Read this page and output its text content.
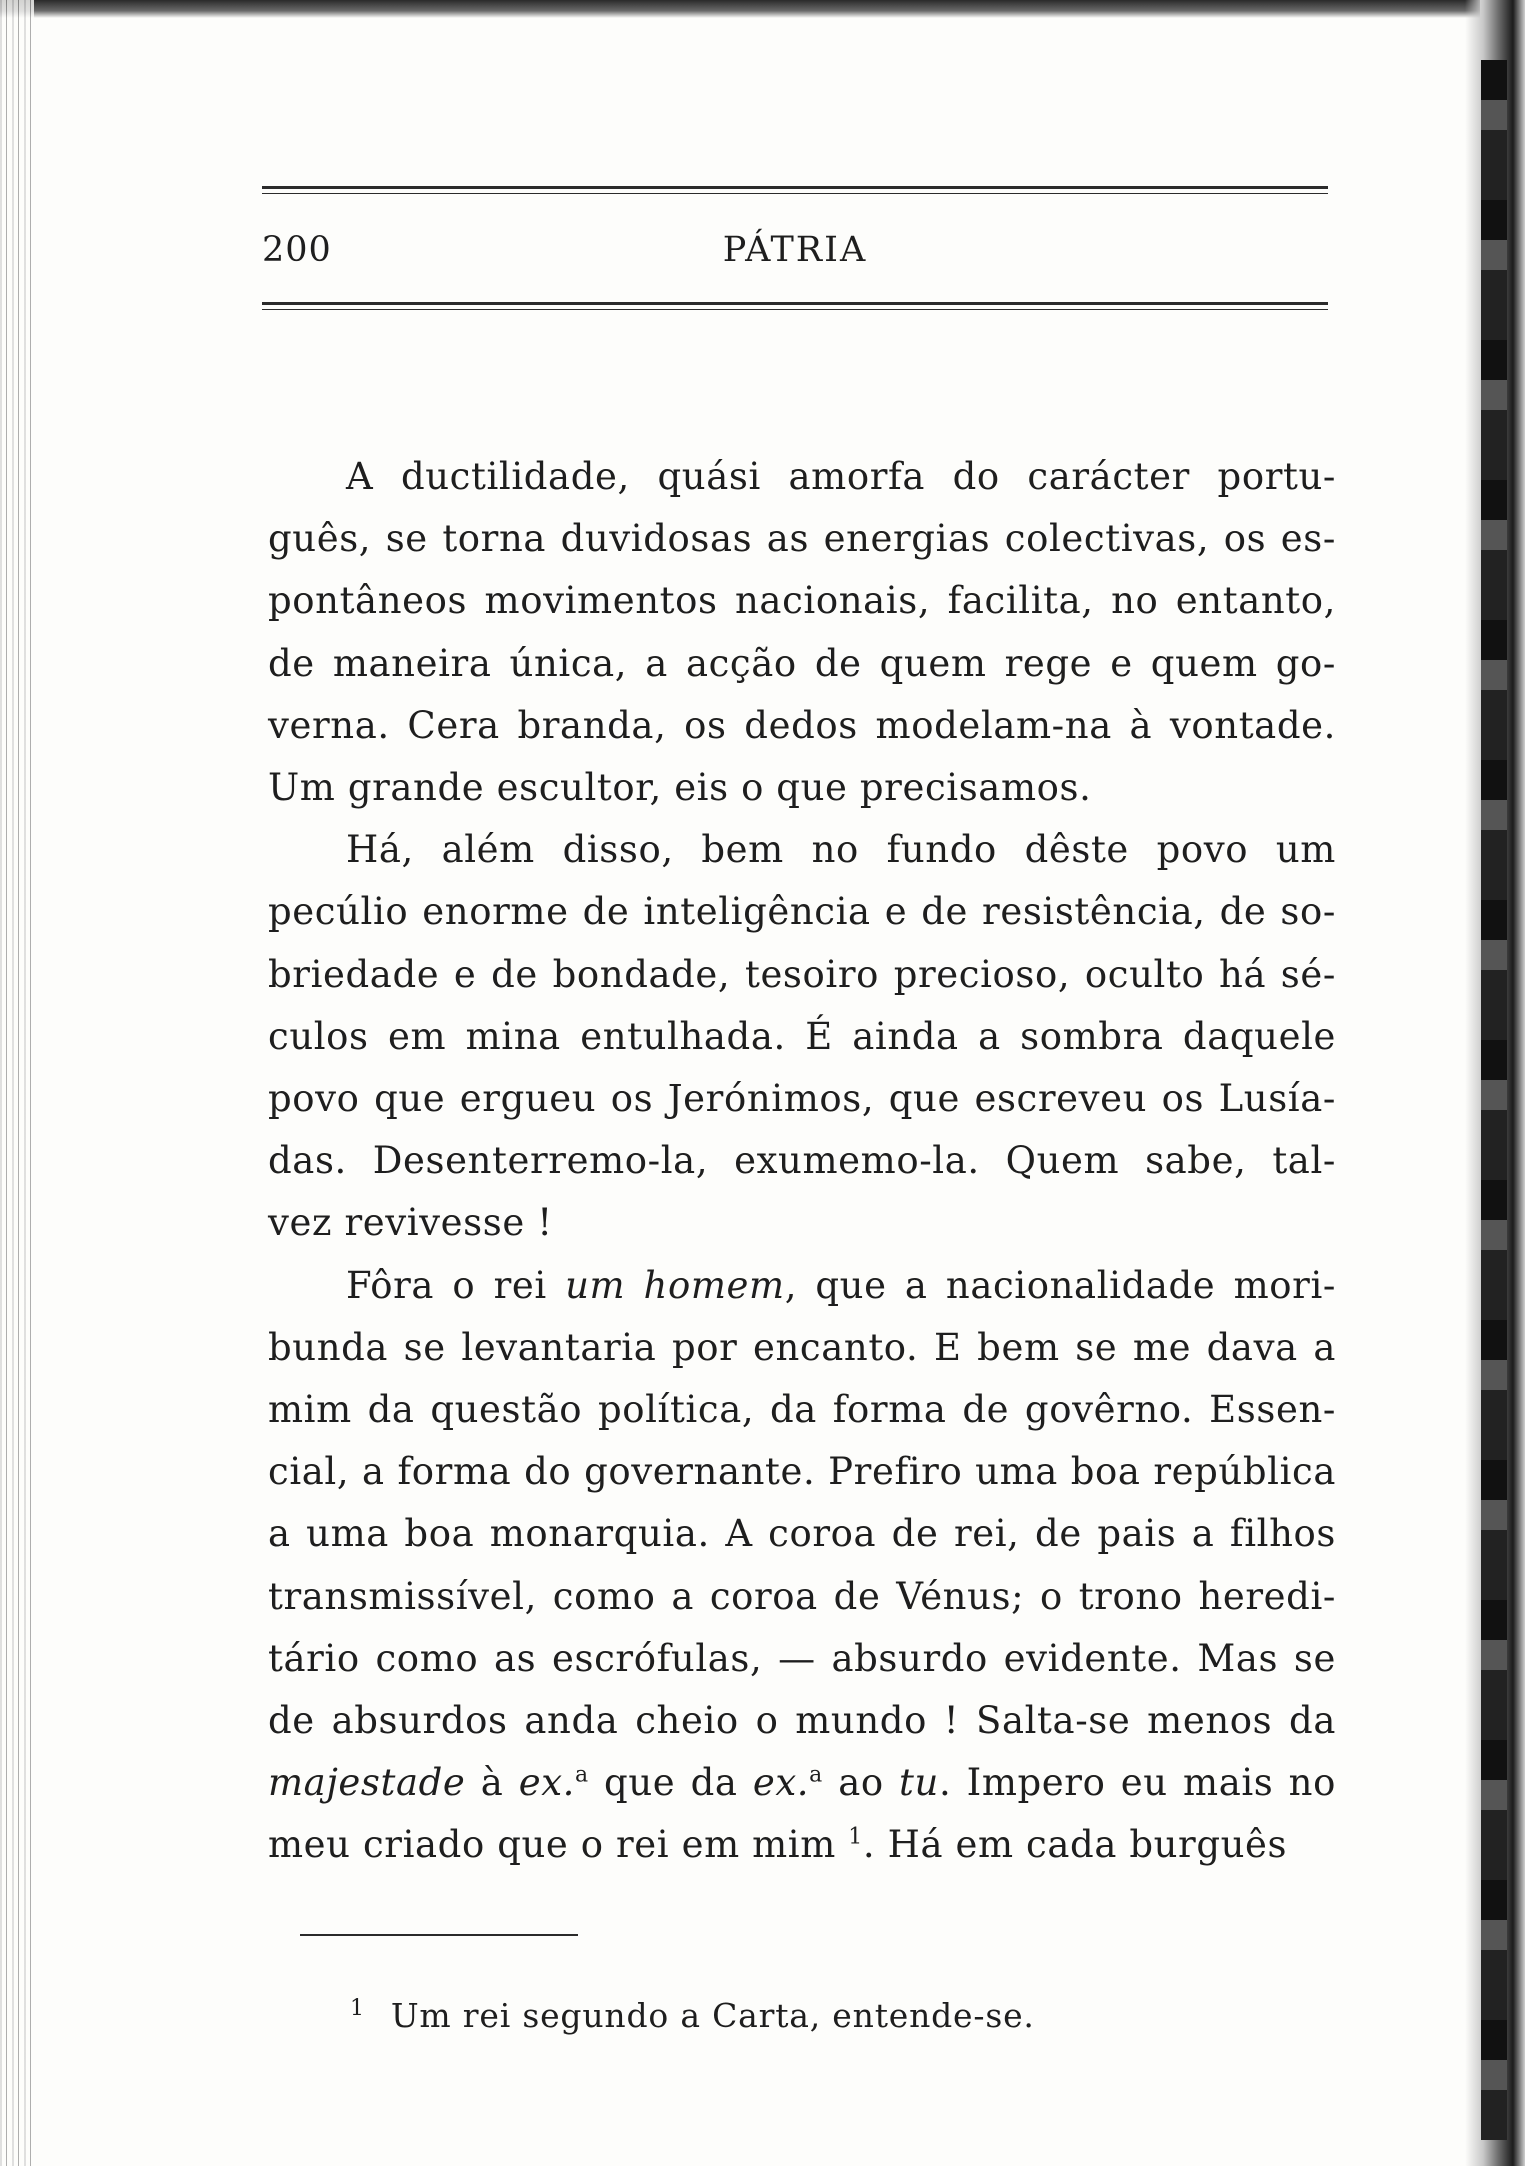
200	PÁTRIA
A ductilidade, quási amorfa do carácter portu-
guês, se torna duvidosas as energias colectivas, os es-
pontâneos movimentos nacionais, facilita, no entanto,
de maneira única, a acção de quem rege e quem go-
verna. Cera branda, os dedos modelam-na à vontade.
Um grande escultor, eis o que precisamos.
Há, além disso, bem no fundo dêste povo um
pecúlio enorme de inteligência e de resistência, de so-
briedade e de bondade, tesoiro precioso, oculto há sé-
culos em mina entulhada. É ainda a sombra daquele
povo que ergueu os Jerónimos, que escreveu os Lusía-
das. Desenterremo-la, exumemo-la. Quem sabe, tal-
vez revivesse !
Fôra o rei um homem, que a nacionalidade mori-
bunda se levantaria por encanto. E bem se me dava a
mim da questão política, da forma de govêrno. Essen-
cial, a forma do governante. Prefiro uma boa república
a uma boa monarquia. A coroa de rei, de pais a filhos
transmissível, como a coroa de Vénus; o trono heredi-
tário como as escrófulas, — absurdo evidente. Mas se
de absurdos anda cheio o mundo ! Salta-se menos da
majestade à ex.$^a$ que da ex.$^a$ ao tu. Impero eu mais no
meu criado que o rei em mim $^1$. Há em cada burguês
$^1$ Um rei segundo a Carta, entende-se.
